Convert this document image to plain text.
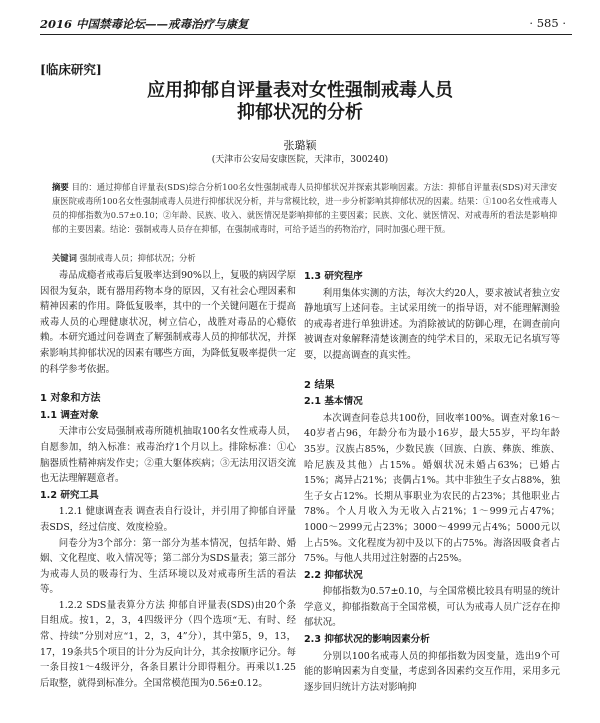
2016 中国禁毒论坛——戒毒治疗与康复	· 585 ·
[临床研究]
应用抑郁自评量表对女性强制戒毒人员
抑郁状况的分析
张璐颖
(天津市公安局安康医院，天津市，300240)
摘要 目的：通过抑郁自评量表(SDS)综合分析100名女性强制戒毒人员抑郁状况并探索其影响因素。方法：抑郁自评量表(SDS)对天津安康医院戒毒所100名女性强制戒毒人员进行抑郁状况分析，并与常模比较，进一步分析影响其抑郁状况的因素。结果：①100名女性戒毒人员的抑郁指数为0.57±0.10；②年龄、民族、收入、就医情况是影响抑郁的主要因素；民族、文化、就医情况、对戒毒所的看法是影响抑郁的主要因素。结论：强制戒毒人员存在抑郁，在强制戒毒时，可给予适当的药物治疗，同时加强心理干预。
关键词 强制戒毒人员；抑郁状况；分析

毒品成瘾者戒毒后复吸率达到90%以上，复吸的病因学原因很为复杂，既有器用药物本身的原因，又有社会心理因素和精神因素的作用。降低复吸率，其中的一个关键问题在于提高戒毒人员的心理健康状况，树立信心，战胜对毒品的心瘾依赖。本研究通过问卷调查了解强制戒毒人员的抑郁状况，并探索影响其抑郁状况的因素有哪些方面，为降低复吸率提供一定的科学参考依据。

1 对象和方法
1.1 调查对象

天津市公安局强制戒毒所随机抽取100名女性戒毒人员，自愿参加，纳入标准：戒毒治疗1个月以上。排除标准：①心脑器质性精神病发作史；②重大躯体疾病；③无法用汉语交流也无法理解题意者。

1.2 研究工具

1.2.1 健康调查表 调查表自行设计，并引用了抑郁自评量表SDS，经过信度、效度检验。

问卷分为3个部分：第一部分为基本情况，包括年龄、婚姻、文化程度、收入情况等；第二部分为SDS量表；第三部分为戒毒人员的吸毒行为、生活环境以及对戒毒所生活的看法等。

1.2.2 SDS量表算分方法 抑郁自评量表(SDS)由20个条目组成。按1，2，3，4四级评分（四个选项“无、有时、经常、持续”分别对应“1，2，3，4”分），其中第5，9，13，17，19条共5个项目的计分为反向计分，其余按顺序记分。每一条目按1～4级评分，各条目累计分即得粗分。再乘以1.25后取整，就得到标准分。全国常模范围为0.56±0.12。

1.3 研究程序

利用集体实测的方法，每次大约20人，要求被试者独立安静地填写上述问卷。主试采用统一的指导语，对不能理解测验的戒毒者进行单独讲述。为消除被试的防御心理，在调查前向被调查对象解释清楚该测查的纯学术目的，采取无记名填写等要，以提高调查的真实性。

2 结果
2.1 基本情况

本次调查问卷总共100份，回收率100%。调查对象16～40岁者占96，年龄分布为最小16岁，最大55岁，平均年龄35岁。汉族占85%，少数民族（回族、白族、彝族、维族、哈尼族及其他）占15%。婚姻状况未婚占63%；已婚占15%；离异占21%；丧偶占1%。其中非独生子女占88%，独生子女占12%。长期从事职业为农民的占23%；其他职业占78%。个人月收入为无收入占21%；1～999元占47%；1000～2999元占23%；3000～4999元占4%；5000元以上占5%。文化程度为初中及以下的占75%。海洛因吸食者占75%。与他人共用过注射器的占25%。

2.2 抑郁状况

抑郁指数为0.57±0.10，与全国常模比较具有明显的统计学意义，抑郁指数高于全国常模，可认为戒毒人员广泛存在抑郁状况。

2.3 抑郁状况的影响因素分析

分别以100名戒毒人员的抑郁指数为因变量，选出9个可能的影响因素为自变量，考虑到各因素约交互作用，采用多元逐步回归统计方法对影响抑
